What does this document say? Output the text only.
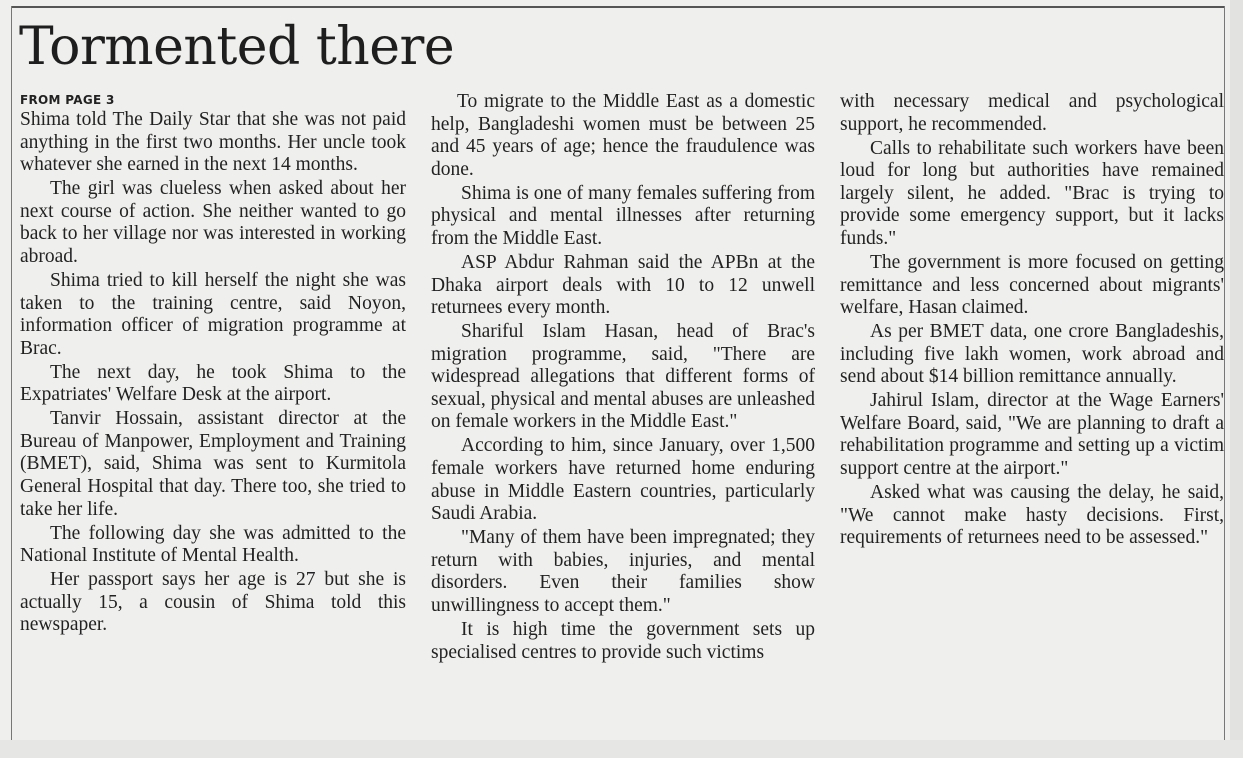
Tormented there
FROM PAGE 3

Shima told The Daily Star that she was not paid anything in the first two months. Her uncle took whatever she earned in the next 14 months.

The girl was clueless when asked about her next course of action. She neither wanted to go back to her village nor was interested in working abroad.

Shima tried to kill herself the night she was taken to the training centre, said Noyon, information officer of migration programme at Brac.

The next day, he took Shima to the Expatriates' Welfare Desk at the airport.

Tanvir Hossain, assistant director at the Bureau of Manpower, Employment and Training (BMET), said, Shima was sent to Kurmitola General Hospital that day. There too, she tried to take her life.

The following day she was admitted to the National Institute of Mental Health.

Her passport says her age is 27 but she is actually 15, a cousin of Shima told this newspaper.

To migrate to the Middle East as a domestic help, Bangladeshi women must be between 25 and 45 years of age; hence the fraudulence was done.

Shima is one of many females suffering from physical and mental illnesses after returning from the Middle East.

ASP Abdur Rahman said the APBn at the Dhaka airport deals with 10 to 12 unwell returnees every month.

Shariful Islam Hasan, head of Brac's migration programme, said, "There are widespread allegations that different forms of sexual, physical and mental abuses are unleashed on female workers in the Middle East."

According to him, since January, over 1,500 female workers have returned home enduring abuse in Middle Eastern countries, particularly Saudi Arabia.

"Many of them have been impregnated; they return with babies, injuries, and mental disorders. Even their families show unwillingness to accept them."

It is high time the government sets up specialised centres to provide such victims

with necessary medical and psychological support, he recommended.

Calls to rehabilitate such workers have been loud for long but authorities have remained largely silent, he added. "Brac is trying to provide some emergency support, but it lacks funds."

The government is more focused on getting remittance and less concerned about migrants' welfare, Hasan claimed.

As per BMET data, one crore Bangladeshis, including five lakh women, work abroad and send about $14 billion remittance annually.

Jahirul Islam, director at the Wage Earners' Welfare Board, said, "We are planning to draft a rehabilitation programme and setting up a victim support centre at the airport."

Asked what was causing the delay, he said, "We cannot make hasty decisions. First, requirements of returnees need to be assessed."
